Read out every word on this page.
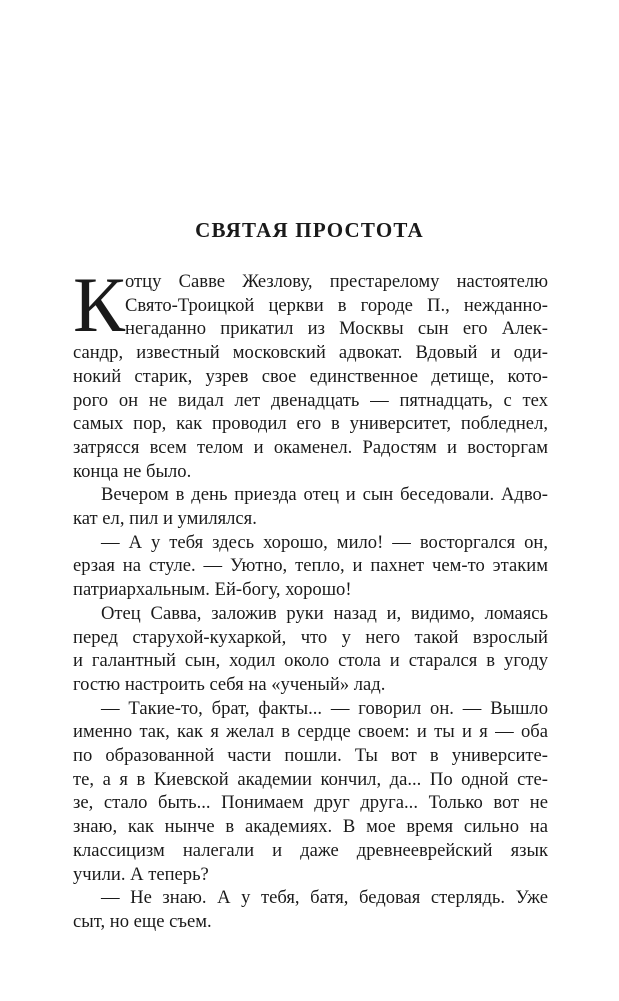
СВЯТАЯ ПРОСТОТА
К отцу Савве Жезлову, престарелому настоятелю
Свято-Троицкой церкви в городе П., нежданно-
негаданно прикатил из Москвы сын его Алек-
сандр, известный московский адвокат. Вдовый и оди-
нокий старик, узрев свое единственное детище, кото-
рого он не видал лет двенадцать — пятнадцать, с тех
самых пор, как проводил его в университет, побледнел,
затрясся всем телом и окаменел. Радостям и восторгам
конца не было.
Вечером в день приезда отец и сын беседовали. Адво-
кат ел, пил и умилялся.
— А у тебя здесь хорошо, мило! — восторгался он,
ерзая на стуле. — Уютно, тепло, и пахнет чем-то этаким
патриархальным. Ей-богу, хорошо!
Отец Савва, заложив руки назад и, видимо, ломаясь
перед старухой-кухаркой, что у него такой взрослый
и галантный сын, ходил около стола и старался в угоду
гостю настроить себя на «ученый» лад.
— Такие-то, брат, факты... — говорил он. — Вышло
именно так, как я желал в сердце своем: и ты и я — оба
по образованной части пошли. Ты вот в университе-
те, а я в Киевской академии кончил, да... По одной сте-
зе, стало быть... Понимаем друг друга... Только вот не
знаю, как нынче в академиях. В мое время сильно на
классицизм налегали и даже древнееврейский язык
учили. А теперь?
— Не знаю. А у тебя, батя, бедовая стерлядь. Уже
сыт, но еще съем.
